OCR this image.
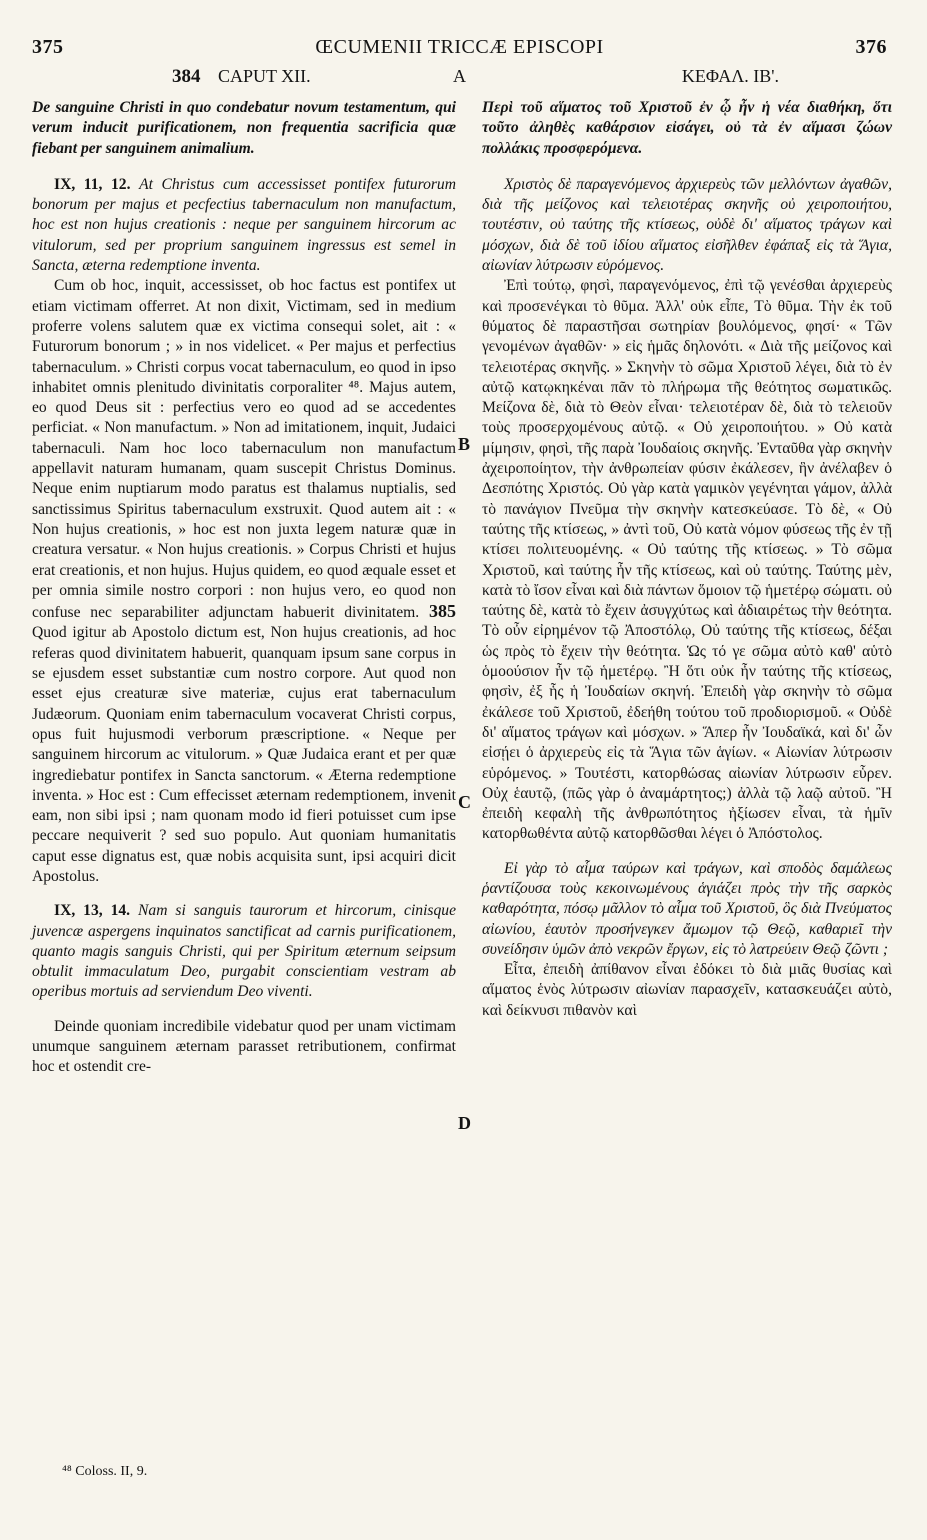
375	ŒCUMENII TRICCÆ EPISCOPI	376
384 CAPUT XII.	A	ΚΕΦΑΛ. ΙΒ'.
B
C
D

De sanguine Christi in quo condebatur novum testamentum, qui verum inducit purificationem, non frequentia sacrificia quæ fiebant per sanguinem animalium.

IX, 11, 12. At Christus cum accessisset pontifex futurorum bonorum per majus et pecfectius tabernaculum non manufactum, hoc est non hujus creationis : neque per sanguinem hircorum ac vitulorum, sed per proprium sanguinem ingressus est semel in Sancta, æterna redemptione inventa.

Cum ob hoc, inquit, accessisset, ob hoc factus est pontifex ut etiam victimam offerret. At non dixit, Victimam, sed in medium proferre volens salutem quæ ex victima consequi solet, ait : « Futurorum bonorum ; » in nos videlicet. « Per majus et perfectius tabernaculum. » Christi corpus vocat tabernaculum, eo quod in ipso inhabitet omnis plenitudo divinitatis corporaliter ⁴⁸. Majus autem, eo quod Deus sit : perfectius vero eo quod ad se accedentes perficiat. « Non manufactum. » Non ad imitationem, inquit, Judaici tabernaculi. Nam hoc loco tabernaculum non manufactum appellavit naturam humanam, quam suscepit Christus Dominus. Neque enim nuptiarum modo paratus est thalamus nuptialis, sed sanctissimus Spiritus tabernaculum exstruxit. Quod autem ait : « Non hujus creationis, » hoc est non juxta legem naturæ quæ in creatura versatur. « Non hujus creationis. » Corpus Christi et hujus erat creationis, et non hujus. Hujus quidem, eo quod æquale esset et per omnia simile nostro corpori : non hujus vero, eo quod non confuse nec separabiliter adjunctam habuerit divinitatem. 385 Quod igitur ab Apostolo dictum est, Non hujus creationis, ad hoc referas quod divinitatem habuerit, quanquam ipsum sane corpus in se ejusdem esset substantiæ cum nostro corpore. Aut quod non esset ejus creaturæ sive materiæ, cujus erat tabernaculum Judæorum. Quoniam enim tabernaculum vocaverat Christi corpus, opus fuit hujusmodi verborum præscriptione. « Neque per sanguinem hircorum ac vitulorum. » Quæ Judaica erant et per quæ ingrediebatur pontifex in Sancta sanctorum. « Æterna redemptione inventa. » Hoc est : Cum effecisset æternam redemptionem, invenit eam, non sibi ipsi ; nam quonam modo id fieri potuisset cum ipse peccare nequiverit ? sed suo populo. Aut quoniam humanitatis caput esse dignatus est, quæ nobis acquisita sunt, ipsi acquiri dicit Apostolus.

IX, 13, 14. Nam si sanguis taurorum et hircorum, cinisque juvencæ aspergens inquinatos sanctificat ad carnis purificationem, quanto magis sanguis Christi, qui per Spiritum æternum seipsum obtulit immaculatum Deo, purgabit conscientiam vestram ab operibus mortuis ad serviendum Deo viventi.

Deinde quoniam incredibile videbatur quod per unam victimam unumque sanguinem æternam parasset retributionem, confirmat hoc et ostendit cre-

Περὶ τοῦ αἵματος τοῦ Χριστοῦ ἐν ᾧ ἦν ἡ νέα διαθήκη, ὅτι τοῦτο ἀληθὲς καθάρσιον εἰσάγει, οὐ τὰ ἐν αἵμασι ζώων πολλάκις προσφερόμενα.

Χριστὸς δὲ παραγενόμενος ἀρχιερεὺς τῶν μελλόντων ἀγαθῶν, διὰ τῆς μείζονος καὶ τελειοτέρας σκηνῆς οὐ χειροποιήτου, τουτέστιν, οὐ ταύτης τῆς κτίσεως, οὐδὲ δι' αἵματος τράγων καὶ μόσχων, διὰ δὲ τοῦ ἰδίου αἵματος εἰσῆλθεν ἐφάπαξ εἰς τὰ Ἅγια, αἰωνίαν λύτρωσιν εὑρόμενος.

Ἐπὶ τούτῳ, φησὶ, παραγενόμενος, ἐπὶ τῷ γενέσθαι ἀρχιερεὺς καὶ προσενέγκαι τὸ θῦμα. Ἀλλ' οὐκ εἶπε, Τὸ θῦμα. Τὴν ἐκ τοῦ θύματος δὲ παραστῆσαι σωτηρίαν βουλόμενος, φησί· « Τῶν γενομένων ἀγαθῶν· » εἰς ἡμᾶς δηλονότι. « Διὰ τῆς μείζονος καὶ τελειοτέρας σκηνῆς. » Σκηνὴν τὸ σῶμα Χριστοῦ λέγει, διὰ τὸ ἐν αὐτῷ κατῳκηκέναι πᾶν τὸ πλήρωμα τῆς θεότητος σωματικῶς. Μείζονα δὲ, διὰ τὸ Θεὸν εἶναι· τελειοτέραν δὲ, διὰ τὸ τελειοῦν τοὺς προσερχομένους αὐτῷ. « Οὐ χειροποιήτου. » Οὐ κατὰ μίμησιν, φησὶ, τῆς παρὰ Ἰουδαίοις σκηνῆς. Ἐνταῦθα γὰρ σκηνὴν ἀχειροποίητον, τὴν ἀνθρωπείαν φύσιν ἐκάλεσεν, ἣν ἀνέλαβεν ὁ Δεσπότης Χριστός. Οὐ γὰρ κατὰ γαμικὸν γεγένηται γάμον, ἀλλὰ τὸ πανάγιον Πνεῦμα τὴν σκηνὴν κατεσκεύασε. Τὸ δὲ, « Οὐ ταύτης τῆς κτίσεως, » ἀντὶ τοῦ, Οὐ κατὰ νόμον φύσεως τῆς ἐν τῇ κτίσει πολιτευομένης. « Οὐ ταύτης τῆς κτίσεως. » Τὸ σῶμα Χριστοῦ, καὶ ταύτης ἦν τῆς κτίσεως, καὶ οὐ ταύτης. Ταύτης μὲν, κατὰ τὸ ἴσον εἶναι καὶ διὰ πάντων ὅμοιον τῷ ἡμετέρῳ σώματι. οὐ ταύτης δὲ, κατὰ τὸ ἔχειν ἀσυγχύτως καὶ ἀδιαιρέτως τὴν θεότητα. Τὸ οὖν εἰρημένον τῷ Ἀποστόλῳ, Οὐ ταύτης τῆς κτίσεως, δέξαι ὡς πρὸς τὸ ἔχειν τὴν θεότητα. Ὡς τό γε σῶμα αὐτὸ καθ' αὑτὸ ὁμοούσιον ἦν τῷ ἡμετέρῳ. Ἢ ὅτι οὐκ ἦν ταύτης τῆς κτίσεως, φησὶν, ἐξ ἧς ἡ Ἰουδαίων σκηνή. Ἐπειδὴ γὰρ σκηνὴν τὸ σῶμα ἐκάλεσε τοῦ Χριστοῦ, ἐδεήθη τούτου τοῦ προδιορισμοῦ. « Οὐδὲ δι' αἵματος τράγων καὶ μόσχων. » Ἅπερ ἦν Ἰουδαϊκά, καὶ δι' ὧν εἰσῄει ὁ ἀρχιερεὺς εἰς τὰ Ἅγια τῶν ἁγίων. « Αἰωνίαν λύτρωσιν εὑρόμενος. » Τουτέστι, κατορθώσας αἰωνίαν λύτρωσιν εὗρεν. Οὐχ ἑαυτῷ, (πῶς γὰρ ὁ ἀναμάρτητος;) ἀλλὰ τῷ λαῷ αὐτοῦ. Ἢ ἐπειδὴ κεφαλὴ τῆς ἀνθρωπότητος ἠξίωσεν εἶναι, τὰ ἡμῖν κατορθωθέντα αὐτῷ κατορθῶσθαι λέγει ὁ Ἀπόστολος.

Εἰ γὰρ τὸ αἷμα ταύρων καὶ τράγων, καὶ σποδὸς δαμάλεως ῥαντίζουσα τοὺς κεκοινωμένους ἁγιάζει πρὸς τὴν τῆς σαρκὸς καθαρότητα, πόσῳ μᾶλλον τὸ αἷμα τοῦ Χριστοῦ, ὃς διὰ Πνεύματος αἰωνίου, ἑαυτὸν προσήνεγκεν ἄμωμον τῷ Θεῷ, καθαριεῖ τὴν συνείδησιν ὑμῶν ἀπὸ νεκρῶν ἔργων, εἰς τὸ λατρεύειν Θεῷ ζῶντι ;

Εἶτα, ἐπειδὴ ἀπίθανον εἶναι ἐδόκει τὸ διὰ μιᾶς θυσίας καὶ αἵματος ἑνὸς λύτρωσιν αἰωνίαν παρασχεῖν, κατασκευάζει αὐτὸ, καὶ δείκνυσι πιθανὸν καὶ

⁴⁸ Coloss. II, 9.
